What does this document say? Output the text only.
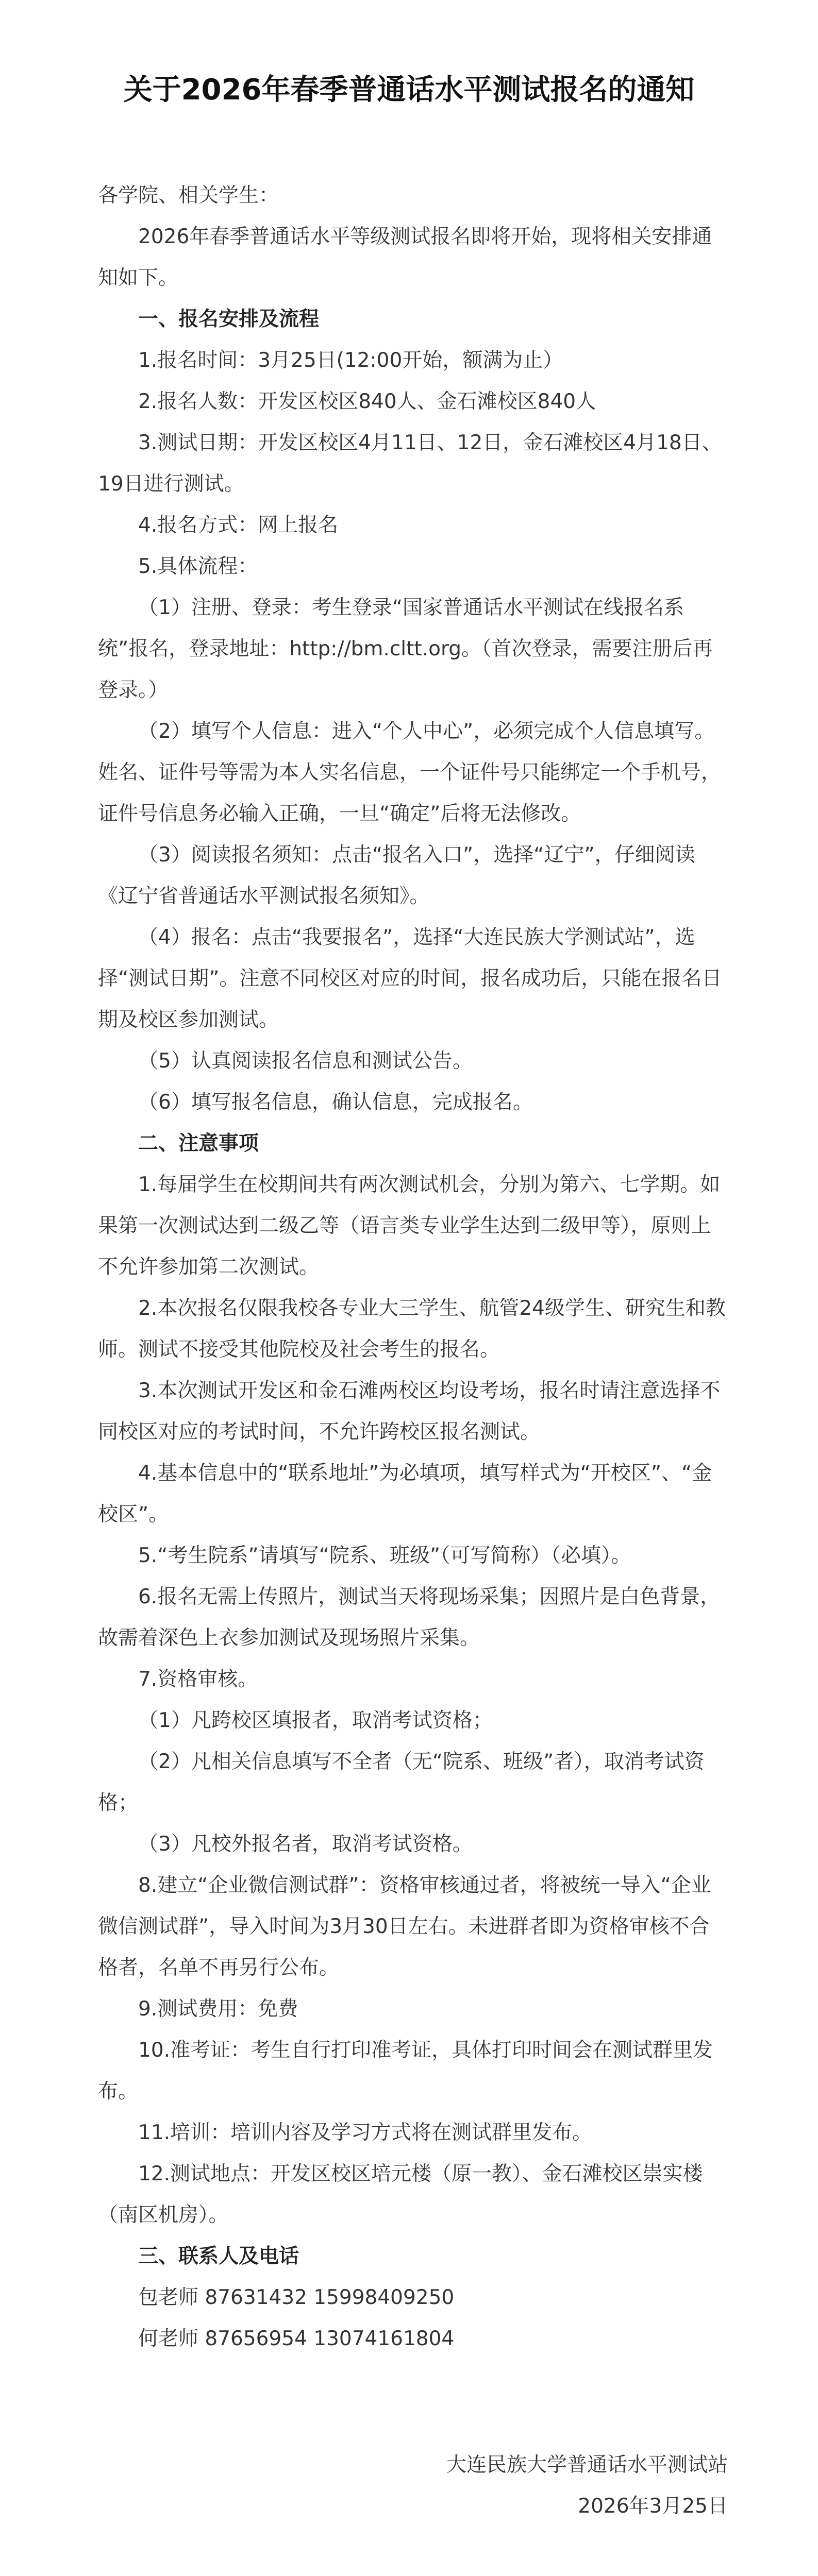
关于2026年春季普通话水平测试报名的通知

各学院、相关学生：

2026年春季普通话水平等级测试报名即将开始，现将相关安排通知如下。

一、报名安排及流程

1.报名时间：3月25日(12:00开始，额满为止）

2.报名人数：开发区校区840人、金石滩校区840人

3.测试日期：开发区校区4月11日、12日，金石滩校区4月18日、19日进行测试。

4.报名方式：网上报名

5.具体流程：

（1）注册、登录：考生登录“国家普通话水平测试在线报名系统”报名，登录地址：http://bm.cltt.org。（首次登录，需要注册后再登录。）

（2）填写个人信息：进入“个人中心”，必须完成个人信息填写。姓名、证件号等需为本人实名信息，一个证件号只能绑定一个手机号，证件号信息务必输入正确，一旦“确定”后将无法修改。

（3）阅读报名须知：点击“报名入口”，选择“辽宁”，仔细阅读《辽宁省普通话水平测试报名须知》。

（4）报名：点击“我要报名”，选择“大连民族大学测试站”，选择“测试日期”。注意不同校区对应的时间，报名成功后，只能在报名日期及校区参加测试。

（5）认真阅读报名信息和测试公告。

（6）填写报名信息，确认信息，完成报名。

二、注意事项

1.每届学生在校期间共有两次测试机会，分别为第六、七学期。如果第一次测试达到二级乙等（语言类专业学生达到二级甲等），原则上不允许参加第二次测试。

2.本次报名仅限我校各专业大三学生、航管24级学生、研究生和教师。测试不接受其他院校及社会考生的报名。

3.本次测试开发区和金石滩两校区均设考场，报名时请注意选择不同校区对应的考试时间，不允许跨校区报名测试。

4.基本信息中的“联系地址”为必填项，填写样式为“开校区”、“金校区”。

5.“考生院系”请填写“院系、班级”（可写简称）（必填）。

6.报名无需上传照片，测试当天将现场采集；因照片是白色背景，故需着深色上衣参加测试及现场照片采集。

7.资格审核。

（1）凡跨校区填报者，取消考试资格；

（2）凡相关信息填写不全者（无“院系、班级”者），取消考试资格；

（3）凡校外报名者，取消考试资格。

8.建立“企业微信测试群”：资格审核通过者，将被统一导入“企业微信测试群”，导入时间为3月30日左右。未进群者即为资格审核不合格者，名单不再另行公布。

9.测试费用：免费

10.准考证：考生自行打印准考证，具体打印时间会在测试群里发布。

11.培训：培训内容及学习方式将在测试群里发布。

12.测试地点：开发区校区培元楼（原一教）、金石滩校区崇实楼（南区机房）。

三、联系人及电话

包老师 87631432 15998409250

何老师 87656954 13074161804

大连民族大学普通话水平测试站
2026年3月25日
